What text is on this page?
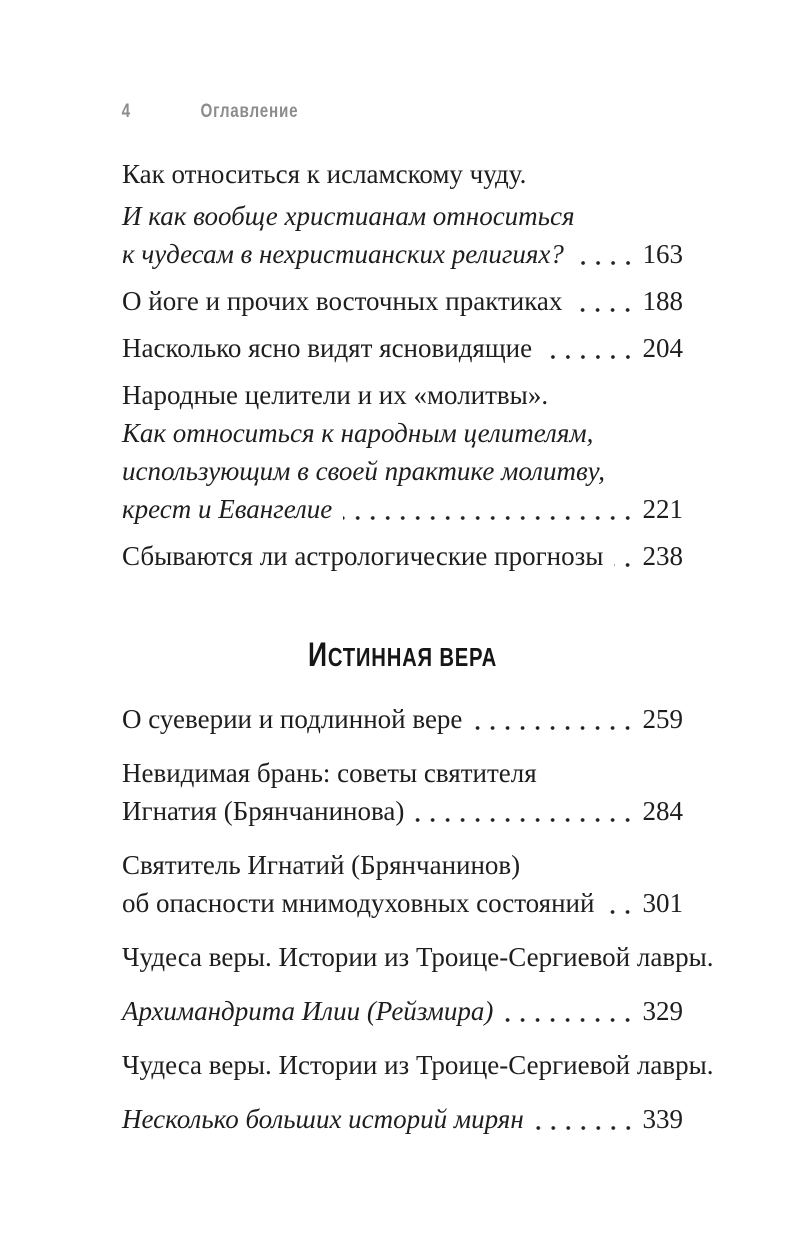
4	Оглавление
Как относиться к исламскому чуду.
И как вообще христианам относиться
к чудесам в нехристианских религиях?	163
О йоге и прочих восточных практиках	188
Насколько ясно видят ясновидящие	204
Народные целители и их «молитвы».
Как относиться к народным целителям,
использующим в своей практике молитву,
крест и Евангелие	221
Сбываются ли астрологические прогнозы 238
ИСТИННАЯ ВЕРА
О суеверии и подлинной вере	259
Невидимая брань: советы святителя
Игнатия (Брянчанинова)	284
Святитель Игнатий (Брянчанинов)
об опасности мнимодуховных состояний 301
Чудеса веры. Истории из Троице-Сергиевой лавры.
Архимандрита Илии (Рейзмира)	329
Чудеса веры. Истории из Троице-Сергиевой лавры.
Несколько больших историй мирян	339
